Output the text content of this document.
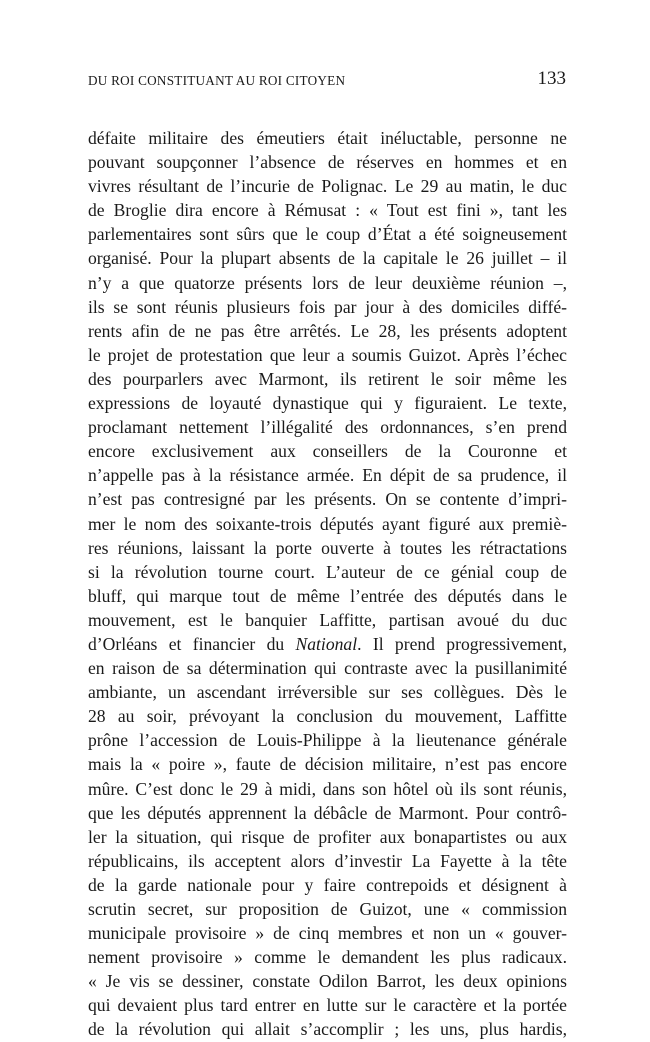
DU ROI CONSTITUANT AU ROI CITOYEN	133
défaite militaire des émeutiers était inéluctable, personne ne
pouvant soupçonner l’absence de réserves en hommes et en
vivres résultant de l’incurie de Polignac. Le 29 au matin, le duc
de Broglie dira encore à Rémusat : « Tout est fini », tant les
parlementaires sont sûrs que le coup d’État a été soigneusement
organisé. Pour la plupart absents de la capitale le 26 juillet – il
n’y a que quatorze présents lors de leur deuxième réunion –,
ils se sont réunis plusieurs fois par jour à des domiciles diffé-
rents afin de ne pas être arrêtés. Le 28, les présents adoptent
le projet de protestation que leur a soumis Guizot. Après l’échec
des pourparlers avec Marmont, ils retirent le soir même les
expressions de loyauté dynastique qui y figuraient. Le texte,
proclamant nettement l’illégalité des ordonnances, s’en prend
encore exclusivement aux conseillers de la Couronne et
n’appelle pas à la résistance armée. En dépit de sa prudence, il
n’est pas contresigné par les présents. On se contente d’impri-
mer le nom des soixante-trois députés ayant figuré aux premiè-
res réunions, laissant la porte ouverte à toutes les rétractations
si la révolution tourne court. L’auteur de ce génial coup de
bluff, qui marque tout de même l’entrée des députés dans le
mouvement, est le banquier Laffitte, partisan avoué du duc
d’Orléans et financier du National. Il prend progressivement,
en raison de sa détermination qui contraste avec la pusillanimité
ambiante, un ascendant irréversible sur ses collègues. Dès le
28 au soir, prévoyant la conclusion du mouvement, Laffitte
prône l’accession de Louis-Philippe à la lieutenance générale
mais la « poire », faute de décision militaire, n’est pas encore
mûre. C’est donc le 29 à midi, dans son hôtel où ils sont réunis,
que les députés apprennent la débâcle de Marmont. Pour contrô-
ler la situation, qui risque de profiter aux bonapartistes ou aux
républicains, ils acceptent alors d’investir La Fayette à la tête
de la garde nationale pour y faire contrepoids et désignent à
scrutin secret, sur proposition de Guizot, une « commission
municipale provisoire » de cinq membres et non un « gouver-
nement provisoire » comme le demandent les plus radicaux.
« Je vis se dessiner, constate Odilon Barrot, les deux opinions
qui devaient plus tard entrer en lutte sur le caractère et la portée
de la révolution qui allait s’accomplir ; les uns, plus hardis,
